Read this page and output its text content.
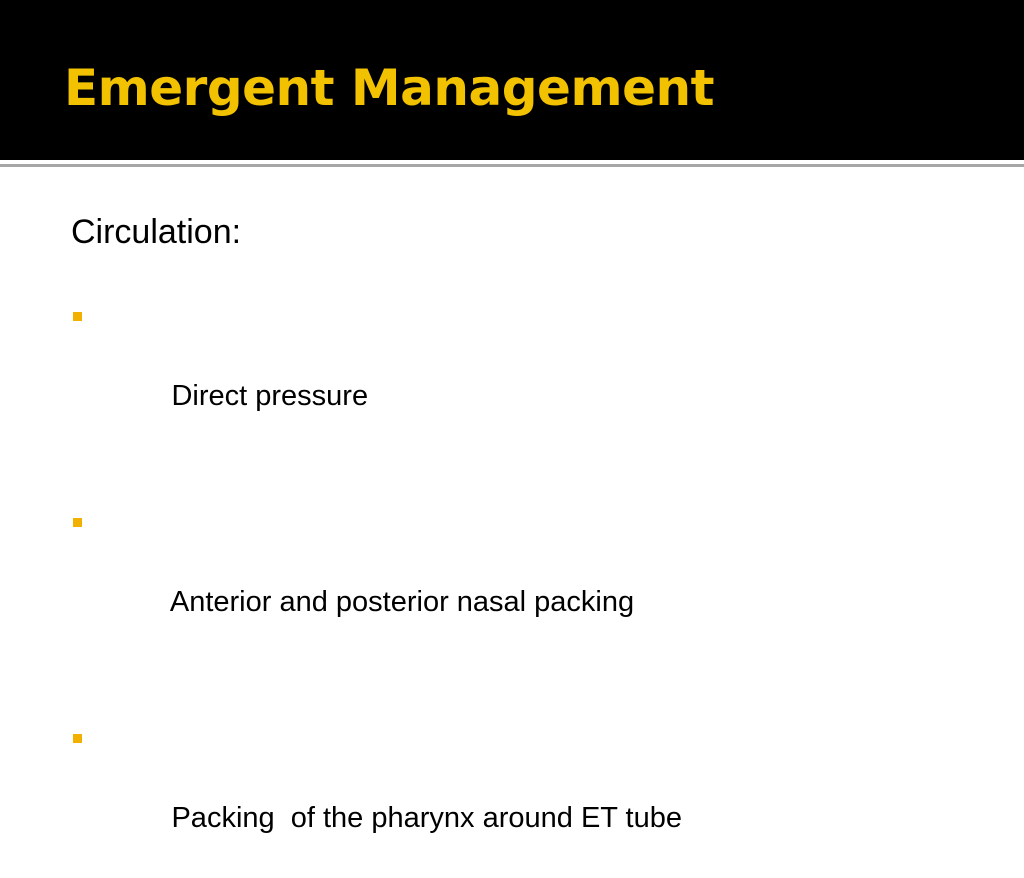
Emergent Management

Circulation:

Direct pressure

Anterior and posterior nasal packing

Packing  of the pharynx around ET tube
